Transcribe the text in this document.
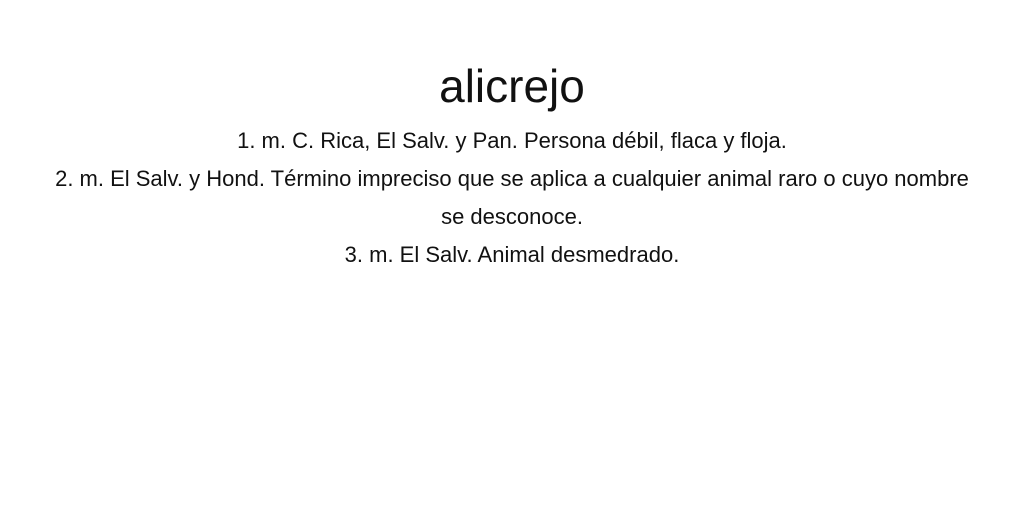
alicrejo
1. m. C. Rica, El Salv. y Pan. Persona débil, flaca y floja.
2. m. El Salv. y Hond. Término impreciso que se aplica a cualquier animal raro o cuyo nombre se desconoce.
3. m. El Salv. Animal desmedrado.
